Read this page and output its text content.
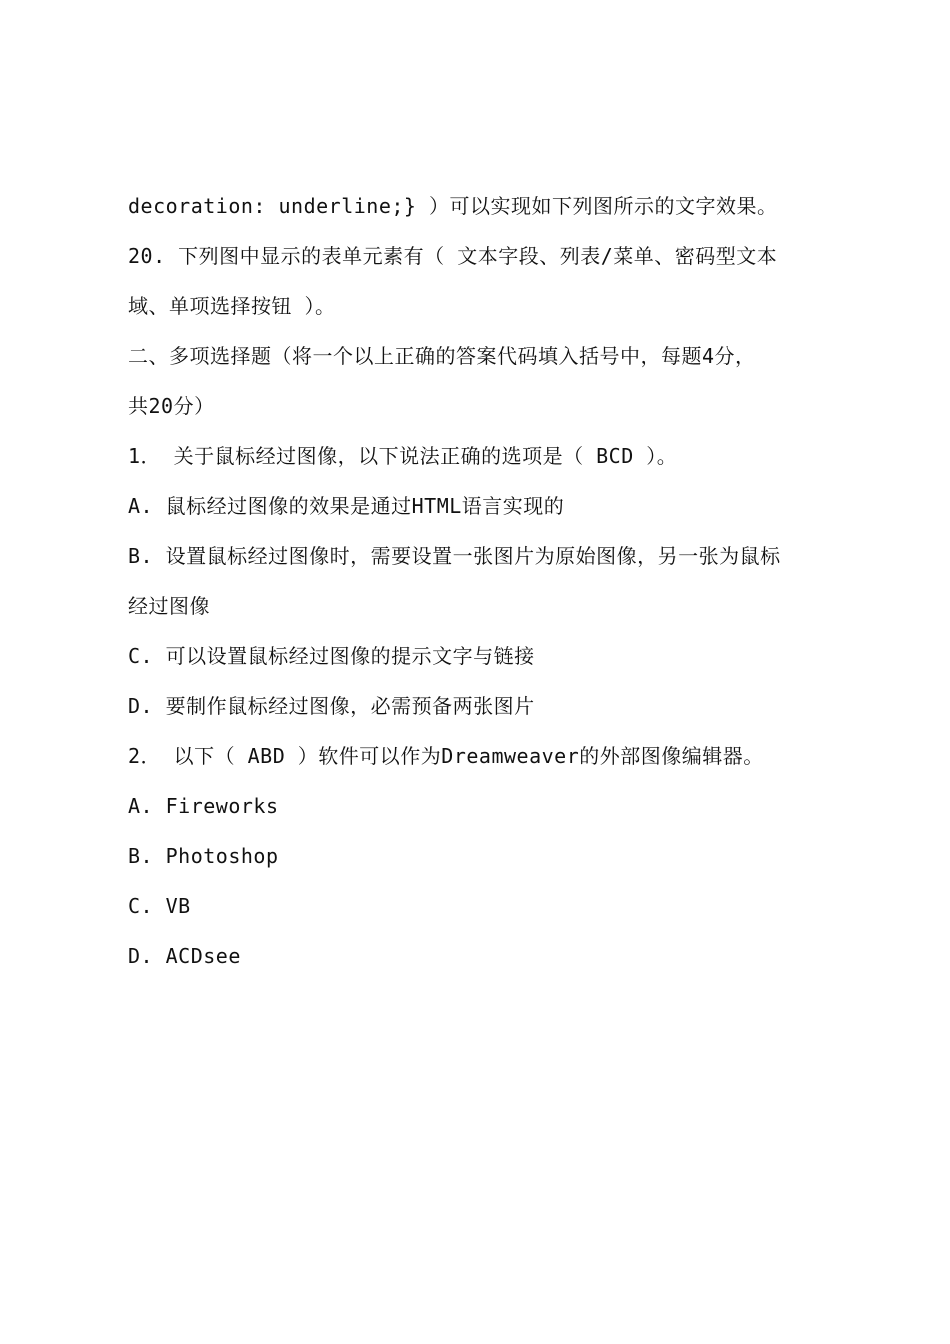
decoration: underline;} ）可以实现如下列图所示的文字效果。
20. 下列图中显示的表单元素有（ 文本字段、列表/菜单、密码型文本
域、单项选择按钮 ）。
二、多项选择题（将一个以上正确的答案代码填入括号中，每题4分，
共20分）
1． 关于鼠标经过图像，以下说法正确的选项是（ BCD ）。
A. 鼠标经过图像的效果是通过HTML语言实现的
B. 设置鼠标经过图像时，需要设置一张图片为原始图像，另一张为鼠标
经过图像
C. 可以设置鼠标经过图像的提示文字与链接
D. 要制作鼠标经过图像，必需预备两张图片
2． 以下（ ABD ）软件可以作为Dreamweaver的外部图像编辑器。
A. Fireworks
B. Photoshop
C. VB
D. ACDsee
